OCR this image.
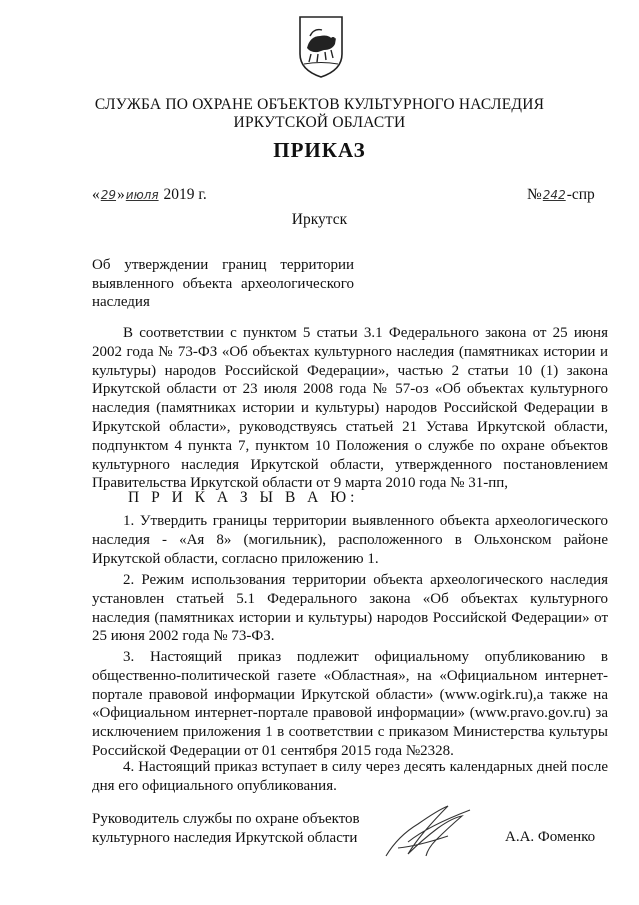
СЛУЖБА ПО ОХРАНЕ ОБЪЕКТОВ КУЛЬТУРНОГО НАСЛЕДИЯ
ИРКУТСКОЙ ОБЛАСТИ
ПРИКАЗ
«29»июля 2019 г.	№242-спр
Иркутск
Об утверждении границ территории выявленного объекта археологического наследия

В соответствии с пунктом 5 статьи 3.1 Федерального закона от 25 июня 2002 года № 73-ФЗ «Об объектах культурного наследия (памятниках истории и культуры) народов Российской Федерации», частью 2 статьи 10 (1) закона Иркутской области от 23 июля 2008 года № 57-оз «Об объектах культурного наследия (памятниках истории и культуры) народов Российской Федерации в Иркутской области», руководствуясь статьей 21 Устава Иркутской области, подпунктом 4 пункта 7, пунктом 10 Положения о службе по охране объектов культурного наследия Иркутской области, утвержденного постановлением Правительства Иркутской области от 9 марта 2010 года № 31-пп,

П Р И К А З Ы В А Ю:

1. Утвердить границы территории выявленного объекта археологического наследия - «Ая 8» (могильник), расположенного в Ольхонском районе Иркутской области, согласно приложению 1.

2. Режим использования территории объекта археологического наследия установлен статьей 5.1 Федерального закона «Об объектах культурного наследия (памятниках истории и культуры) народов Российской Федерации» от 25 июня 2002 года № 73-ФЗ.

3. Настоящий приказ подлежит официальному опубликованию в общественно-политической газете «Областная», на «Официальном интернет-портале правовой информации Иркутской области» (www.ogirk.ru),а также на «Официальном интернет-портале правовой информации» (www.pravo.gov.ru) за исключением приложения 1 в соответствии с приказом Министерства культуры Российской Федерации от 01 сентября 2015 года №2328.

4. Настоящий приказ вступает в силу через десять календарных дней после дня его официального опубликования.

Руководитель службы по охране объектов
культурного наследия Иркутской области	А.А. Фоменко
